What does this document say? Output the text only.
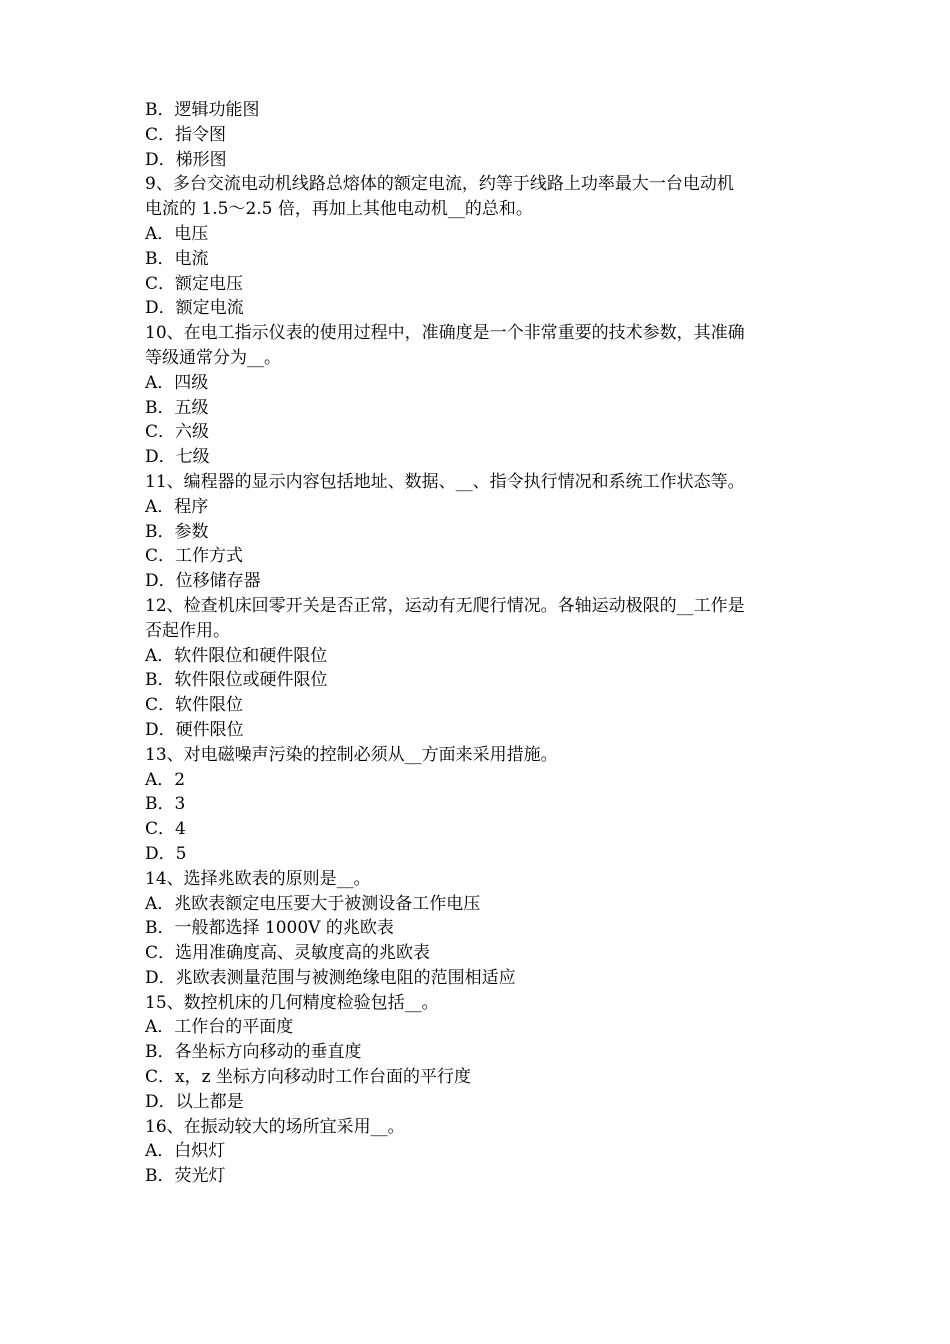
B．逻辑功能图
C．指令图
D．梯形图
9、多台交流电动机线路总熔体的额定电流，约等于线路上功率最大一台电动机
电流的 1.5～2.5 倍，再加上其他电动机__的总和。
A．电压
B．电流
C．额定电压
D．额定电流
10、在电工指示仪表的使用过程中，准确度是一个非常重要的技术参数，其准确
等级通常分为__。
A．四级
B．五级
C．六级
D．七级
11、编程器的显示内容包括地址、数据、__、指令执行情况和系统工作状态等。
A．程序
B．参数
C．工作方式
D．位移储存器
12、检查机床回零开关是否正常，运动有无爬行情况。各轴运动极限的__工作是
否起作用。
A．软件限位和硬件限位
B．软件限位或硬件限位
C．软件限位
D．硬件限位
13、对电磁噪声污染的控制必须从__方面来采用措施。
A．2
B．3
C．4
D．5
14、选择兆欧表的原则是__。
A．兆欧表额定电压要大于被测设备工作电压
B．一般都选择 1000V 的兆欧表
C．选用准确度高、灵敏度高的兆欧表
D．兆欧表测量范围与被测绝缘电阻的范围相适应
15、数控机床的几何精度检验包括__。
A．工作台的平面度
B．各坐标方向移动的垂直度
C．x，z 坐标方向移动时工作台面的平行度
D．以上都是
16、在振动较大的场所宜采用__。
A．白炽灯
B．荧光灯
